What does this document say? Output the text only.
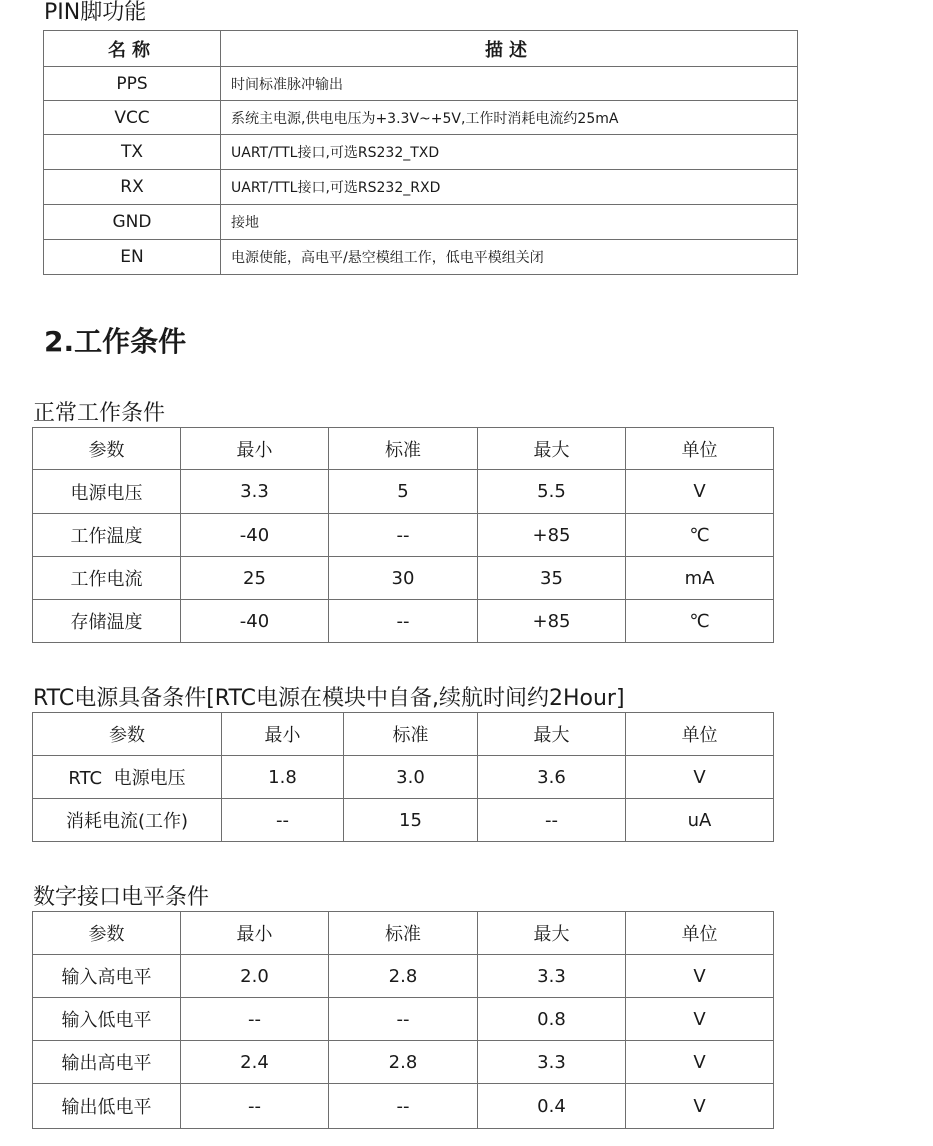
PIN脚功能
名称	描述
PPS	时间标准脉冲输出
VCC	系统主电源,供电电压为+3.3V~+5V,工作时消耗电流约25mA
TX	UART/TTL接口,可选RS232_TXD
RX	UART/TTL接口,可选RS232_RXD
GND	接地
EN	电源使能，高电平/悬空模组工作，低电平模组关闭
2.工作条件
正常工作条件
参数	最小	标准	最大	单位
电源电压	3.3	5	5.5	V
工作温度	-40	--	+85	℃
工作电流	25	30	35	mA
存储温度	-40	--	+85	℃
RTC电源具备条件[RTC电源在模块中自备,续航时间约2Hour]
参数	最小	标准	最大	单位
RTC  电源电压	1.8	3.0	3.6	V
消耗电流(工作)	--	15	--	uA
数字接口电平条件
参数	最小	标准	最大	单位
输入高电平	2.0	2.8	3.3	V
输入低电平	--	--	0.8	V
输出高电平	2.4	2.8	3.3	V
输出低电平	--	--	0.4	V
